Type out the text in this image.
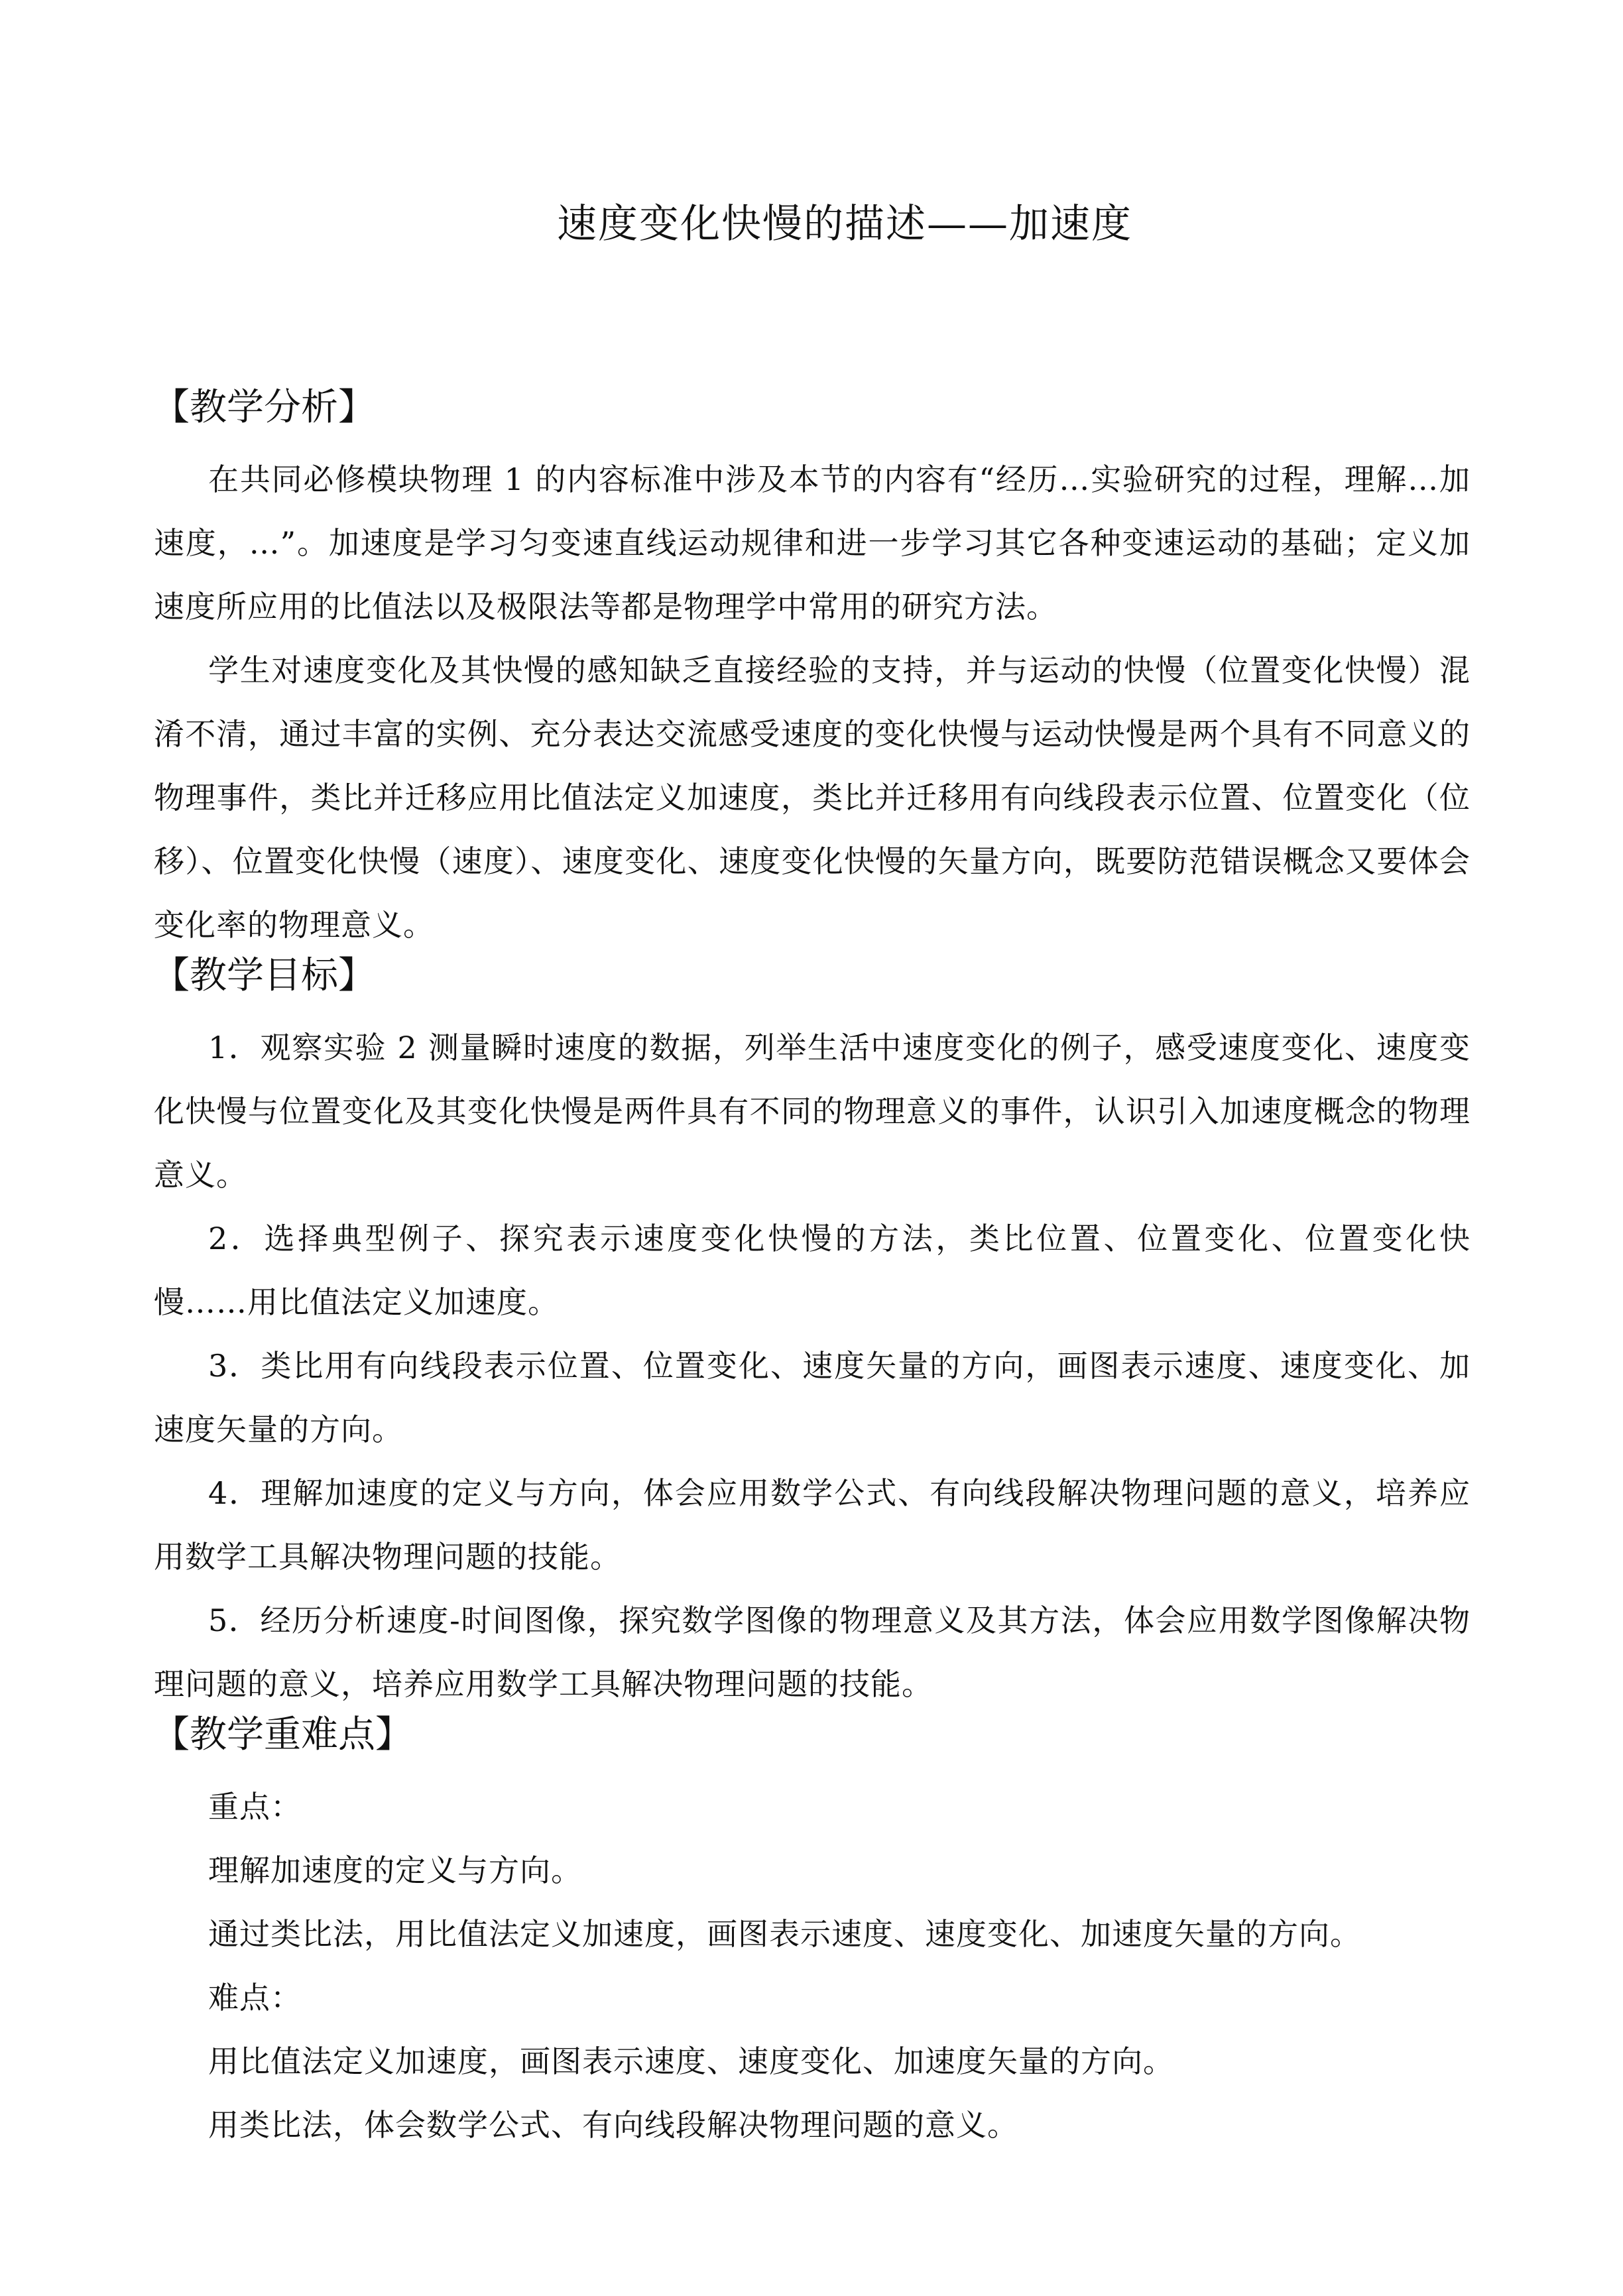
速度变化快慢的描述——加速度
【教学分析】

在共同必修模块物理 1 的内容标准中涉及本节的内容有“经历…实验研究的过程，理解…加速度，…”。加速度是学习匀变速直线运动规律和进一步学习其它各种变速运动的基础；定义加速度所应用的比值法以及极限法等都是物理学中常用的研究方法。

学生对速度变化及其快慢的感知缺乏直接经验的支持，并与运动的快慢（位置变化快慢）混淆不清，通过丰富的实例、充分表达交流感受速度的变化快慢与运动快慢是两个具有不同意义的物理事件，类比并迁移应用比值法定义加速度，类比并迁移用有向线段表示位置、位置变化（位移）、位置变化快慢（速度）、速度变化、速度变化快慢的矢量方向，既要防范错误概念又要体会变化率的物理意义。

【教学目标】

1．观察实验 2 测量瞬时速度的数据，列举生活中速度变化的例子，感受速度变化、速度变化快慢与位置变化及其变化快慢是两件具有不同的物理意义的事件，认识引入加速度概念的物理意义。

2．选择典型例子、探究表示速度变化快慢的方法，类比位置、位置变化、位置变化快慢……用比值法定义加速度。

3．类比用有向线段表示位置、位置变化、速度矢量的方向，画图表示速度、速度变化、加速度矢量的方向。

4．理解加速度的定义与方向，体会应用数学公式、有向线段解决物理问题的意义，培养应用数学工具解决物理问题的技能。

5．经历分析速度-时间图像，探究数学图像的物理意义及其方法，体会应用数学图像解决物理问题的意义，培养应用数学工具解决物理问题的技能。

【教学重难点】

重点：

理解加速度的定义与方向。

通过类比法，用比值法定义加速度，画图表示速度、速度变化、加速度矢量的方向。

难点：

用比值法定义加速度，画图表示速度、速度变化、加速度矢量的方向。

用类比法，体会数学公式、有向线段解决物理问题的意义。
